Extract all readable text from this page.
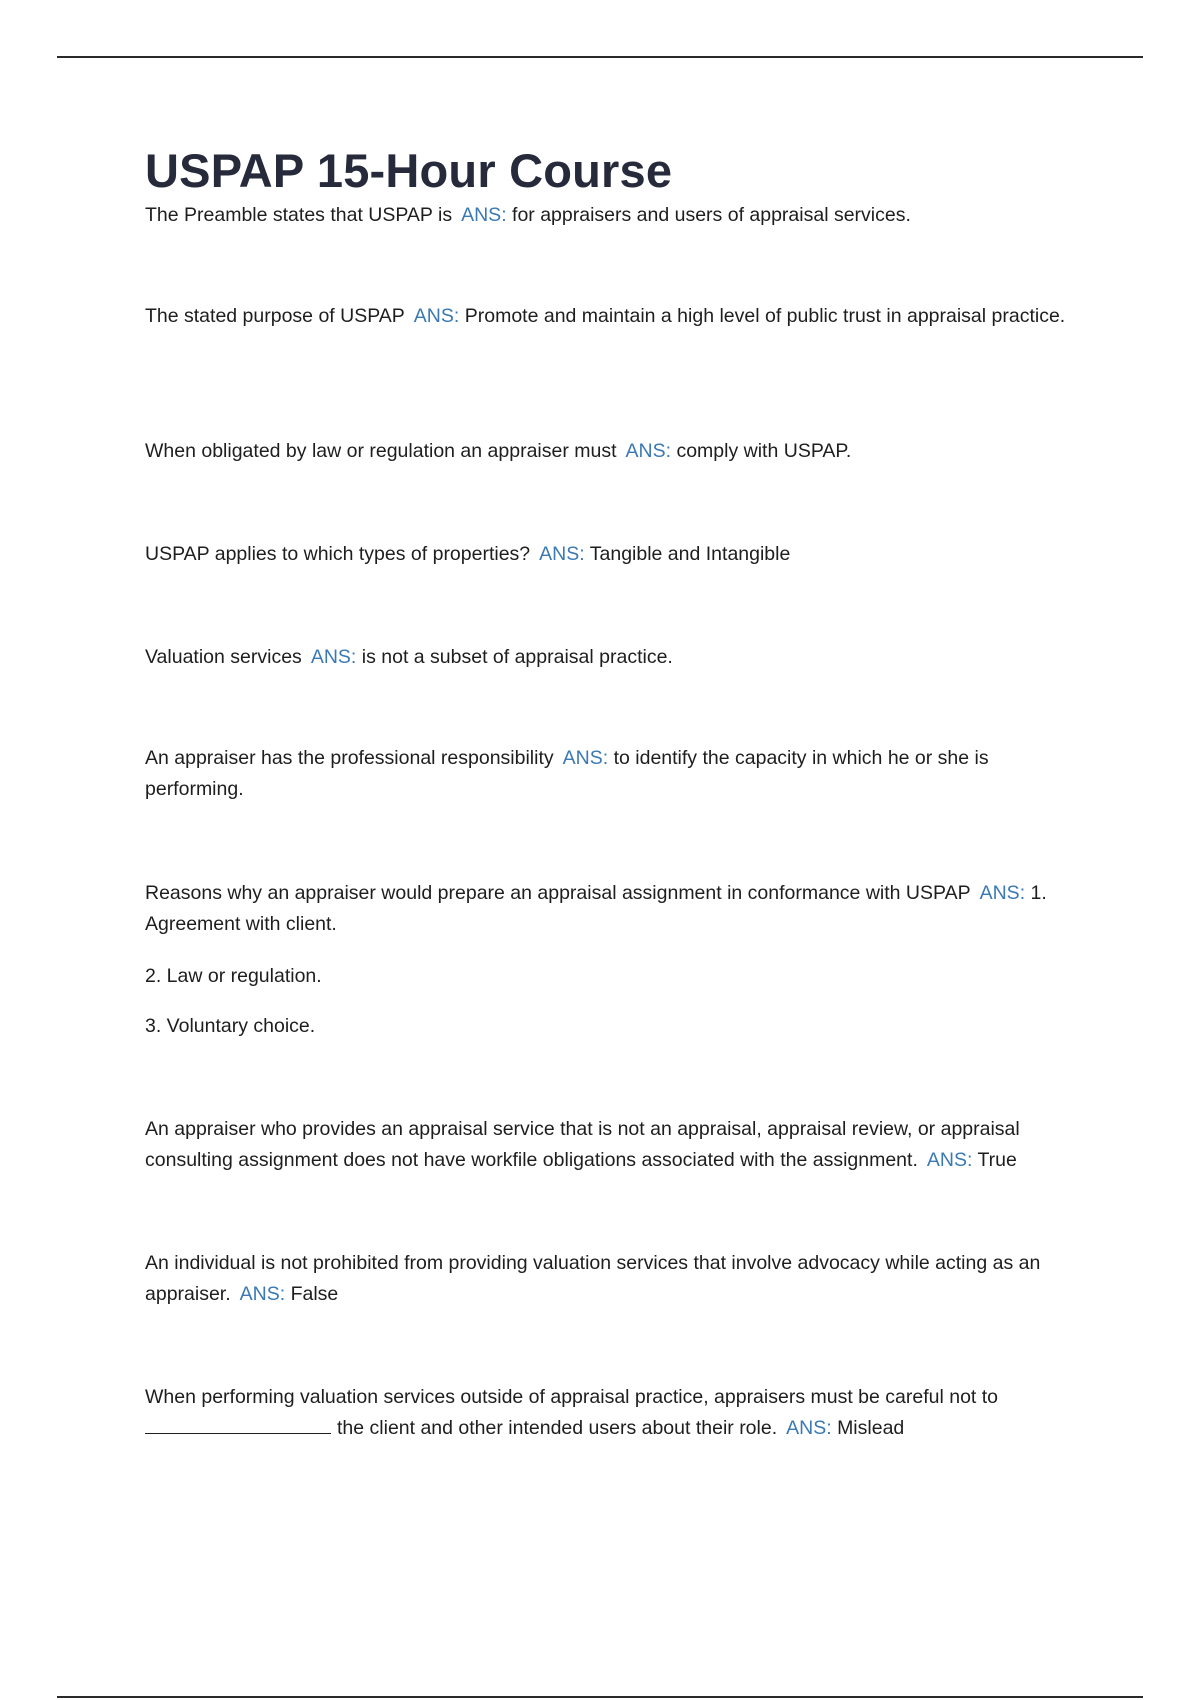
USPAP 15-Hour Course

The Preamble states that USPAP is ANS: for appraisers and users of appraisal services.

The stated purpose of USPAP ANS: Promote and maintain a high level of public trust in appraisal practice.

When obligated by law or regulation an appraiser must ANS: comply with USPAP.

USPAP applies to which types of properties? ANS: Tangible and Intangible

Valuation services ANS: is not a subset of appraisal practice.

An appraiser has the professional responsibility ANS: to identify the capacity in which he or she is performing.

Reasons why an appraiser would prepare an appraisal assignment in conformance with USPAP ANS: 1. Agreement with client.

2. Law or regulation.

3. Voluntary choice.

An appraiser who provides an appraisal service that is not an appraisal, appraisal review, or appraisal consulting assignment does not have workfile obligations associated with the assignment. ANS: True

An individual is not prohibited from providing valuation services that involve advocacy while acting as an appraiser. ANS: False

When performing valuation services outside of appraisal practice, appraisers must be careful not to the client and other intended users about their role. ANS: Mislead
